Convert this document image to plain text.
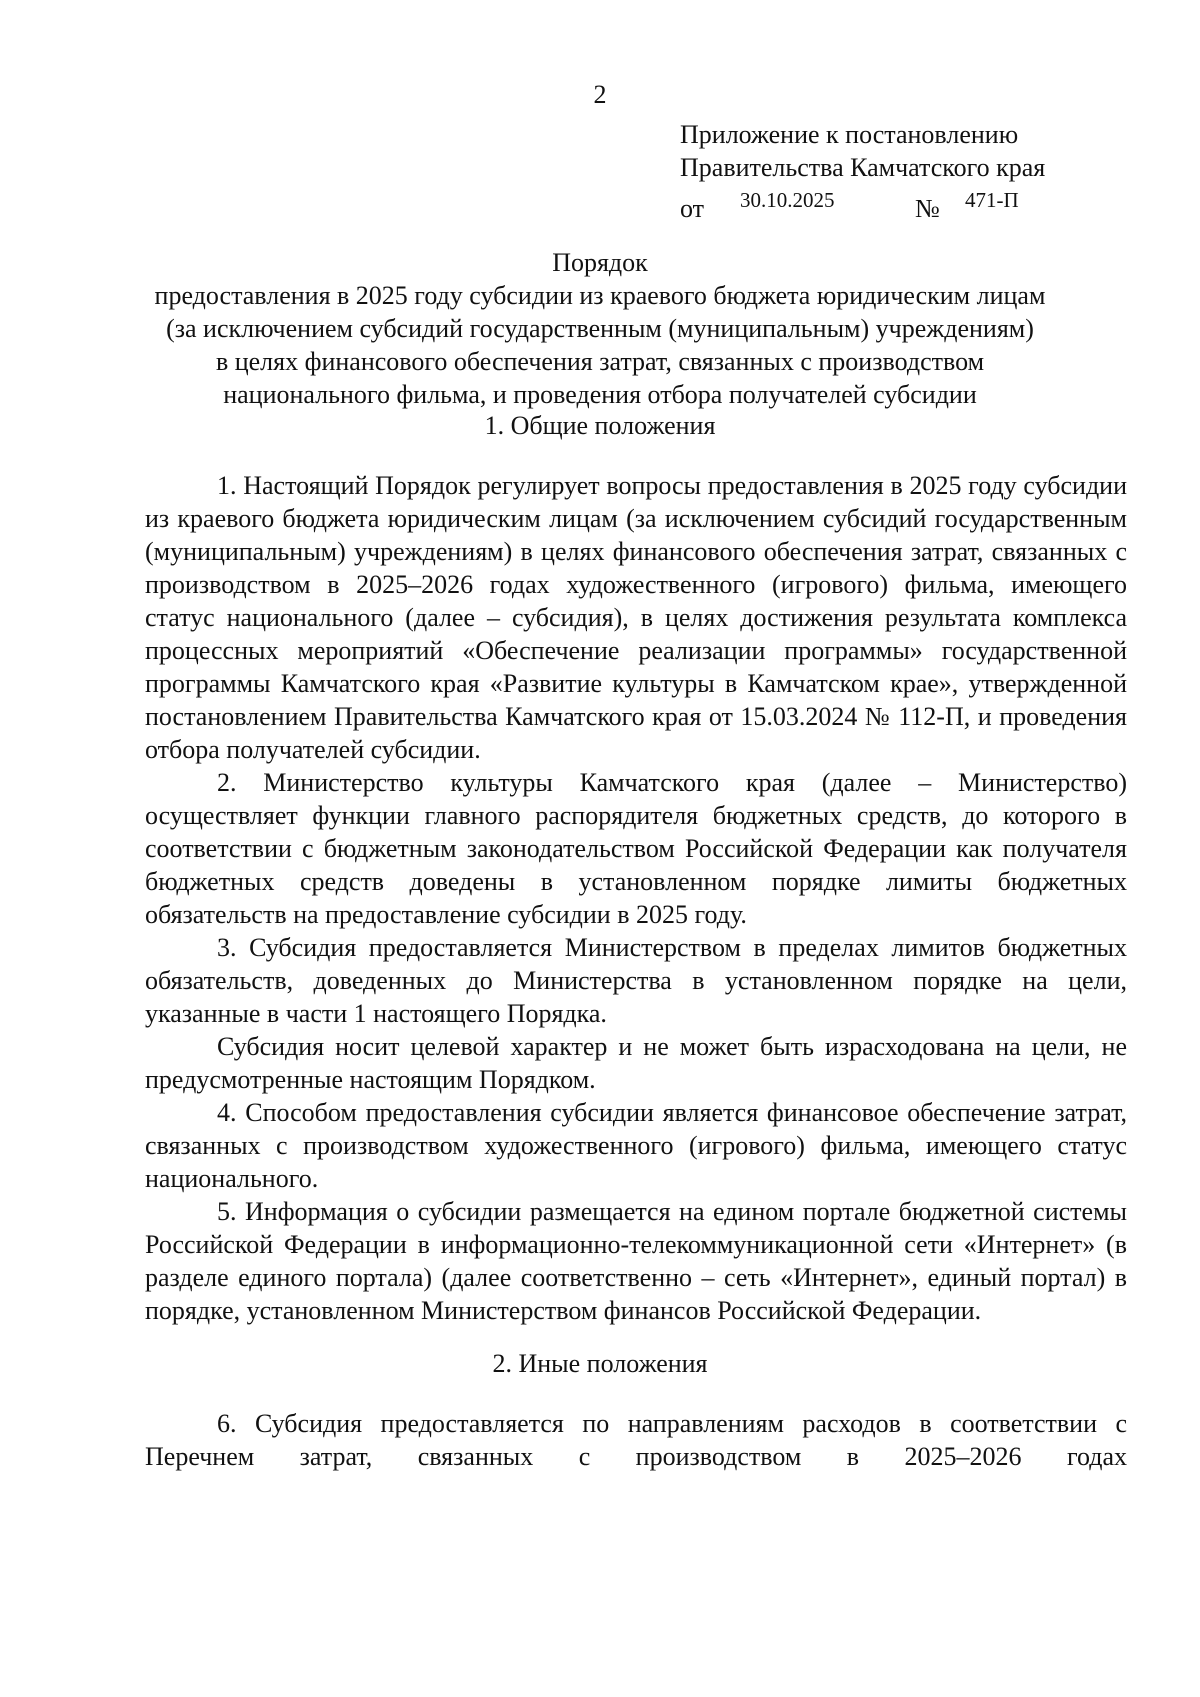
2
Приложение к постановлению
Правительства Камчатского края
от 30.10.2025	№ 471-П
Порядок
предоставления в 2025 году субсидии из краевого бюджета юридическим лицам
(за исключением субсидий государственным (муниципальным) учреждениям)
в целях финансового обеспечения затрат, связанных с производством
национального фильма, и проведения отбора получателей субсидии
1. Общие положения

1. Настоящий Порядок регулирует вопросы предоставления в 2025 году субсидии из краевого бюджета юридическим лицам (за исключением субсидий государственным (муниципальным) учреждениям) в целях финансового обеспечения затрат, связанных с производством в 2025–2026 годах художественного (игрового) фильма, имеющего статус национального (далее – субсидия), в целях достижения результата комплекса процессных мероприятий «Обеспечение реализации программы» государственной программы Камчатского края «Развитие культуры в Камчатском крае», утвержденной постановлением Правительства Камчатского края от 15.03.2024 № 112-П, и проведения отбора получателей субсидии.

2. Министерство культуры Камчатского края (далее – Министерство) осуществляет функции главного распорядителя бюджетных средств, до которого в соответствии с бюджетным законодательством Российской Федерации как получателя бюджетных средств доведены в установленном порядке лимиты бюджетных обязательств на предоставление субсидии в 2025 году.

3. Субсидия предоставляется Министерством в пределах лимитов бюджетных обязательств, доведенных до Министерства в установленном порядке на цели, указанные в части 1 настоящего Порядка.

Субсидия носит целевой характер и не может быть израсходована на цели, не предусмотренные настоящим Порядком.

4. Способом предоставления субсидии является финансовое обеспечение затрат, связанных с производством художественного (игрового) фильма, имеющего статус национального.

5. Информация о субсидии размещается на едином портале бюджетной системы Российской Федерации в информационно-телекоммуникационной сети «Интернет» (в разделе единого портала) (далее соответственно – сеть «Интернет», единый портал) в порядке, установленном Министерством финансов Российской Федерации.

2. Иные положения

6. Субсидия предоставляется по направлениям расходов в соответствии с Перечнем затрат, связанных с производством в 2025–2026 годах
